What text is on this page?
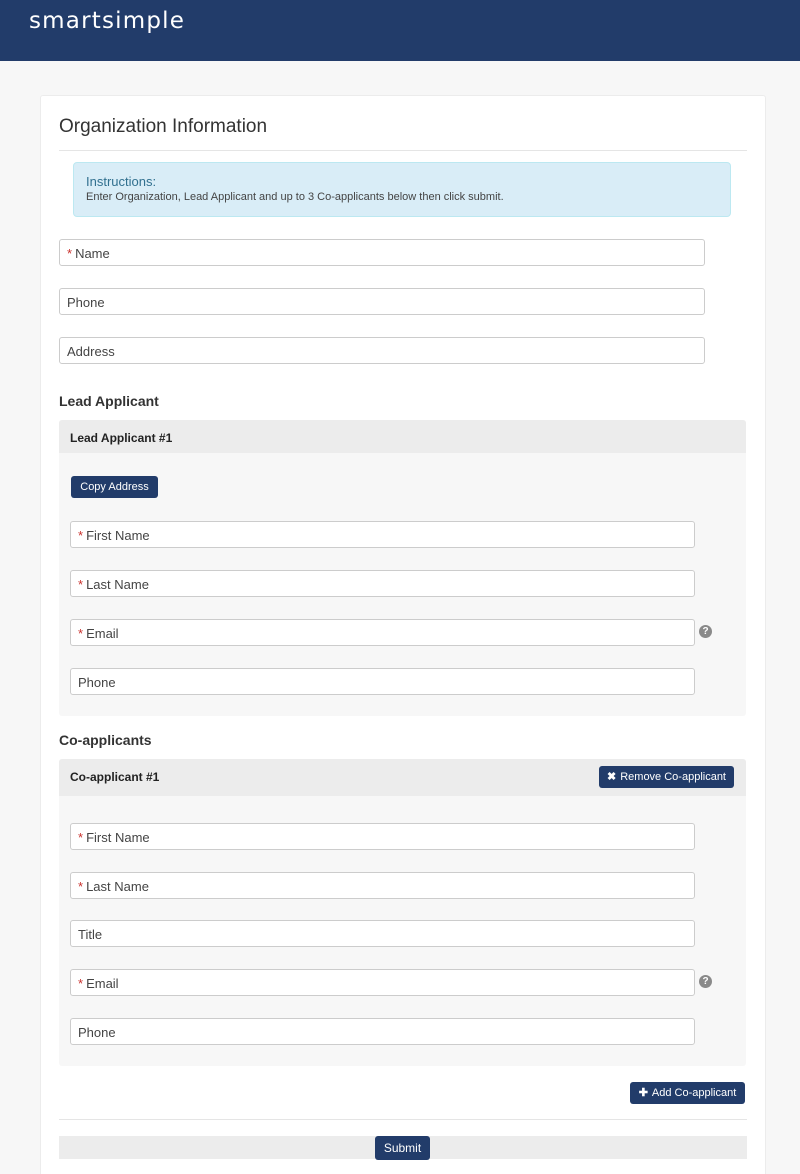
smartsimple
Organization Information
Instructions:
Enter Organization, Lead Applicant and up to 3 Co-applicants below then click submit.
* Name
Phone
Address
Lead Applicant
Lead Applicant #1
Copy Address
* First Name
* Last Name
* Email	?
Phone
Co-applicants
Co-applicant #1	✖ Remove Co-applicant
* First Name
* Last Name
Title
* Email	?
Phone
✚ Add Co-applicant
Submit
